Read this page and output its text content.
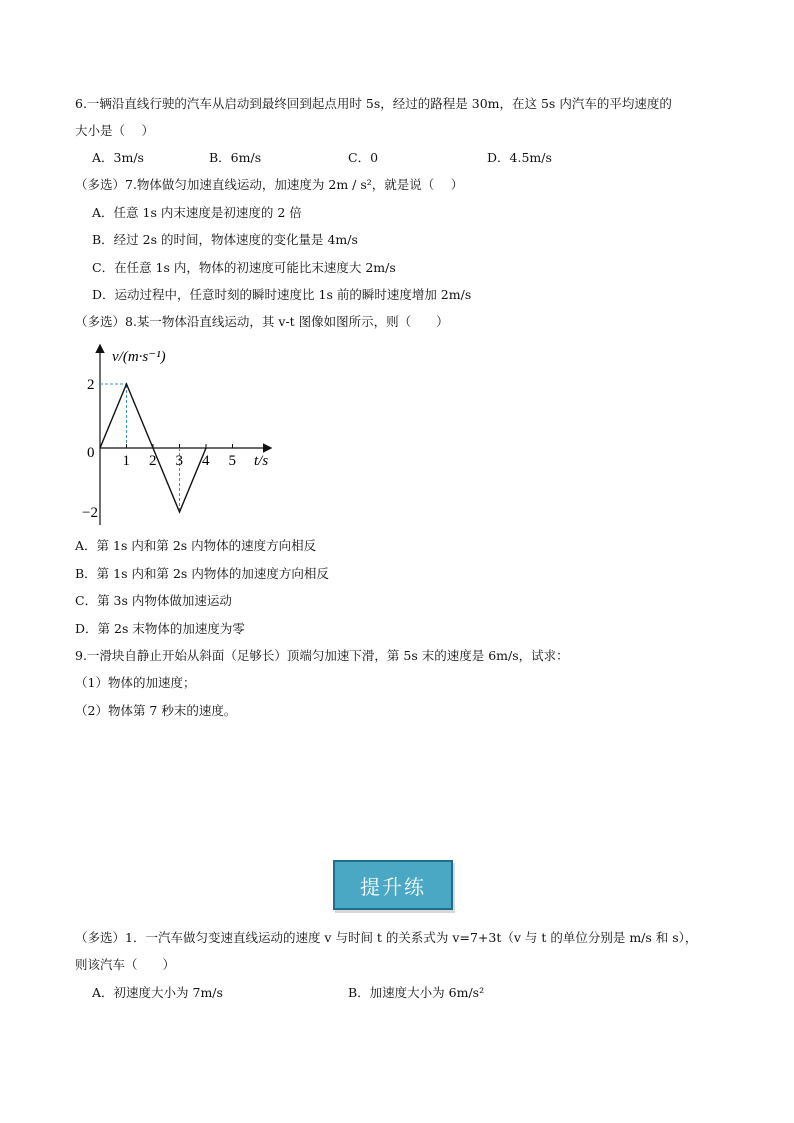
6.一辆沿直线行驶的汽车从启动到最终回到起点用时 5s，经过的路程是 30m，在这 5s 内汽车的平均速度的
大小是（　 ）
A．3m/s	B．6m/s	C．0	D．4.5m/s
（多选）7.物体做匀加速直线运动，加速度为 2m / s²，就是说（　 ）
A．任意 1s 内末速度是初速度的 2 倍
B．经过 2s 的时间，物体速度的变化量是 4m/s
C．在任意 1s 内，物体的初速度可能比末速度大 2m/s
D．运动过程中，任意时刻的瞬时速度比 1s 前的瞬时速度增加 2m/s
（多选）8.某一物体沿直线运动，其 v-t 图像如图所示，则（　　）
1 2 3 4 5
2
−2
v/(m·s⁻¹)
t/s
0
A．第 1s 内和第 2s 内物体的速度方向相反
B．第 1s 内和第 2s 内物体的加速度方向相反
C．第 3s 内物体做加速运动
D．第 2s 末物体的加速度为零
9.一滑块自静止开始从斜面（足够长）顶端匀加速下滑，第 5s 末的速度是 6m/s，试求：
（1）物体的加速度；
（2）物体第 7 秒末的速度。
提升练
（多选）1．一汽车做匀变速直线运动的速度 v 与时间 t 的关系式为 v=7+3t（v 与 t 的单位分别是 m/s 和 s），
则该汽车（　　）
A．初速度大小为 7m/s	B．加速度大小为 6m/s²
